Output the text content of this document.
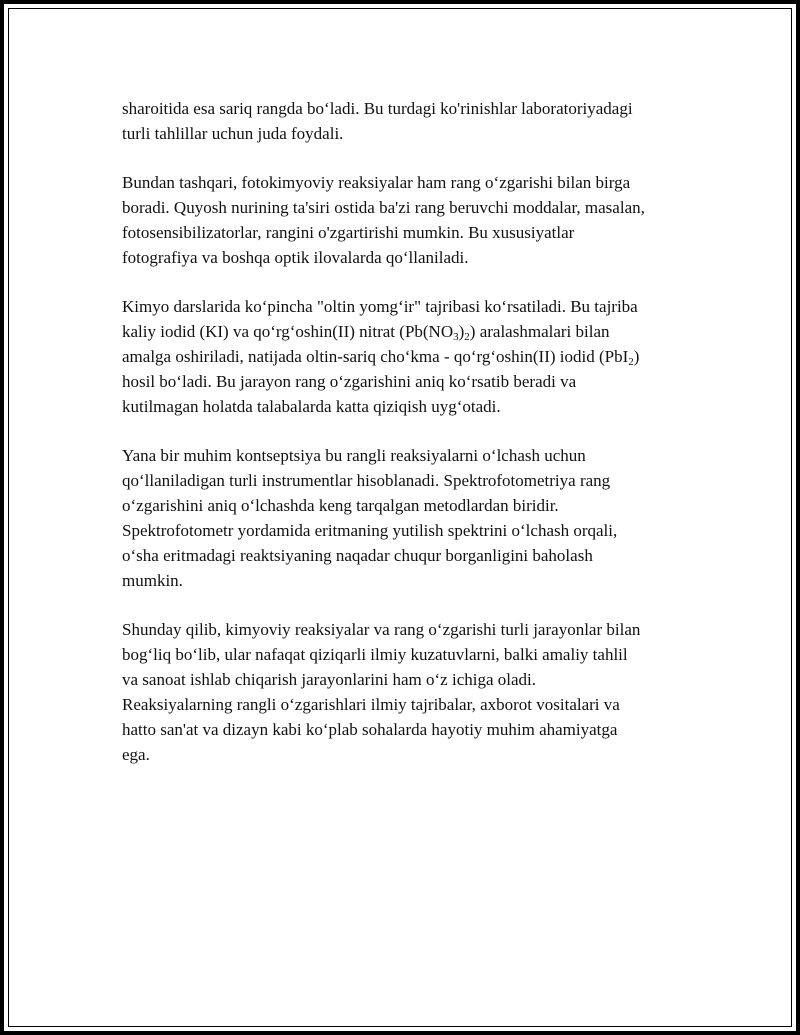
sharoitida esa sariq rangda bo‘ladi. Bu turdagi ko'rinishlar laboratoriyadagi
turli tahlillar uchun juda foydali.

Bundan tashqari, fotokimyoviy reaksiyalar ham rang o‘zgarishi bilan birga
boradi. Quyosh nurining ta'siri ostida ba'zi rang beruvchi moddalar, masalan,
fotosensibilizatorlar, rangini o'zgartirishi mumkin. Bu xususiyatlar
fotografiya va boshqa optik ilovalarda qo‘llaniladi.

Kimyo darslarida ko‘pincha "oltin yomg‘ir" tajribasi ko‘rsatiladi. Bu tajriba
kaliy iodid (KI) va qo‘rg‘oshin(II) nitrat $(Pb(NO_3)_2)$ aralashmalari bilan
amalga oshiriladi, natijada oltin-sariq cho‘kma - qo‘rg‘oshin(II) iodid (PbI$_2$)
hosil bo‘ladi. Bu jarayon rang o‘zgarishini aniq ko‘rsatib beradi va
kutilmagan holatda talabalarda katta qiziqish uyg‘otadi.

Yana bir muhim kontseptsiya bu rangli reaksiyalarni o‘lchash uchun
qo‘llaniladigan turli instrumentlar hisoblanadi. Spektrofotometriya rang
o‘zgarishini aniq o‘lchashda keng tarqalgan metodlardan biridir.
Spektrofotometr yordamida eritmaning yutilish spektrini o‘lchash orqali,
o‘sha eritmadagi reaktsiyaning naqadar chuqur borganligini baholash
mumkin.

Shunday qilib, kimyoviy reaksiyalar va rang o‘zgarishi turli jarayonlar bilan
bog‘liq bo‘lib, ular nafaqat qiziqarli ilmiy kuzatuvlarni, balki amaliy tahlil
va sanoat ishlab chiqarish jarayonlarini ham o‘z ichiga oladi.
Reaksiyalarning rangli o‘zgarishlari ilmiy tajribalar, axborot vositalari va
hatto san'at va dizayn kabi ko‘plab sohalarda hayotiy muhim ahamiyatga
ega.
